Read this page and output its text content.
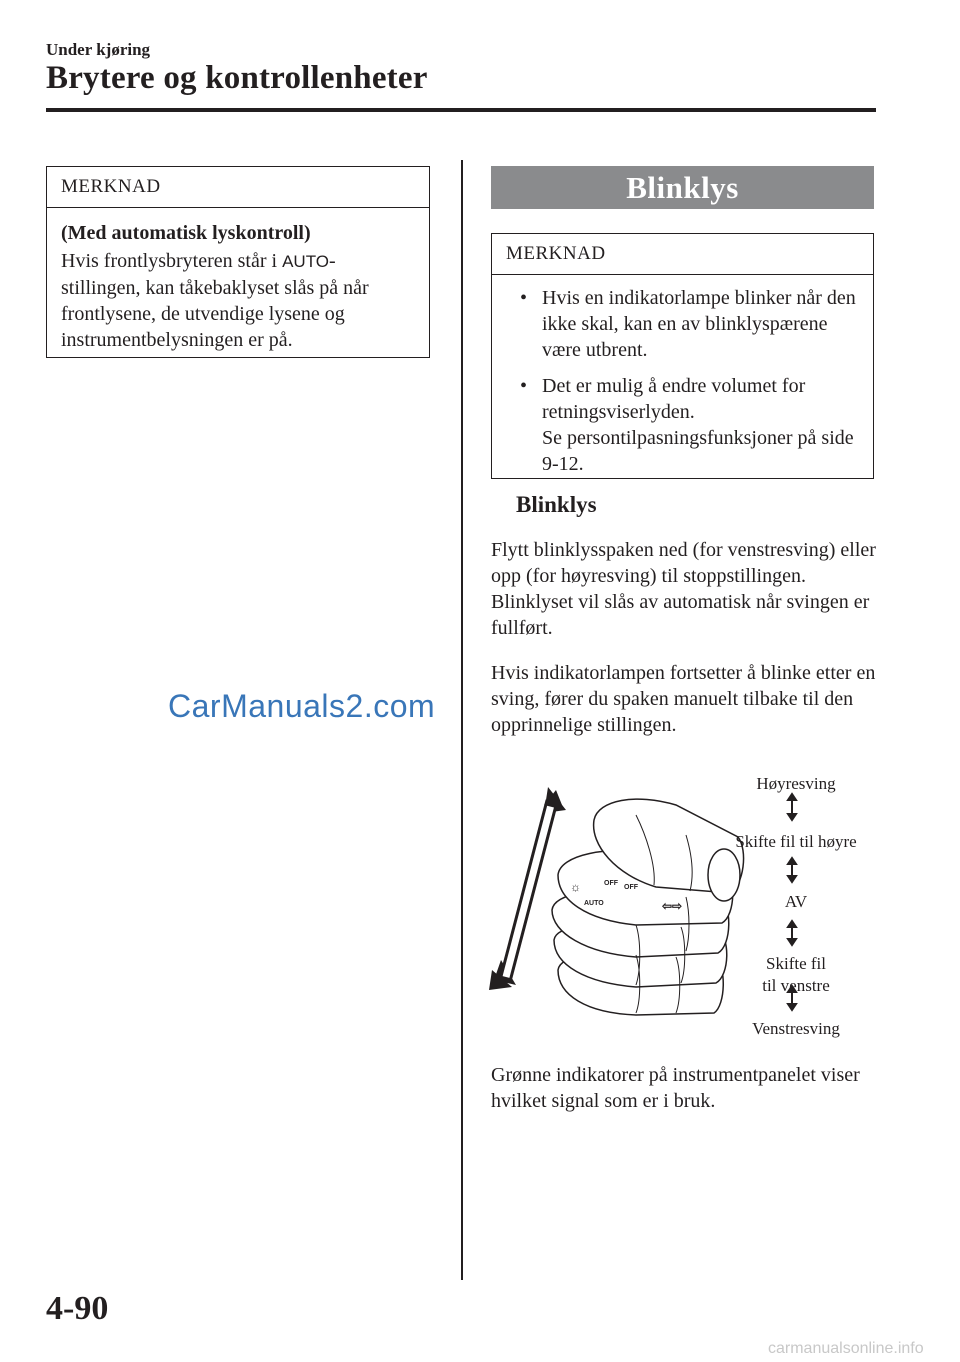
Under kjøring
Brytere og kontrollenheter
MERKNAD
(Med automatisk lyskontroll)
Hvis frontlysbryteren står i AUTO-stillingen, kan tåkebaklyset slås på når frontlysene, de utvendige lysene og instrumentbelysningen er på.
CarManuals2.com
Blinklys
MERKNAD
• Hvis en indikatorlampe blinker når den ikke skal, kan en av blinklyspærene være utbrent.
• Det er mulig å endre volumet for retningsviserlyden.
Se persontilpasningsfunksjoner på side 9-12.
Blinklys
Flytt blinklysspaken ned (for venstresving) eller opp (for høyresving) til stoppstillingen. Blinklyset vil slås av automatisk når svingen er fullført.
Hvis indikatorlampen fortsetter å blinke etter en sving, fører du spaken manuelt tilbake til den opprinnelige stillingen.
OFF
AUTO
OFF
☼
⇦⇨
Høyresving
Skifte fil til høyre
AV
Skifte fil
til venstre
Venstresving
Grønne indikatorer på instrumentpanelet viser hvilket signal som er i bruk.
4-90
carmanualsonline.info
